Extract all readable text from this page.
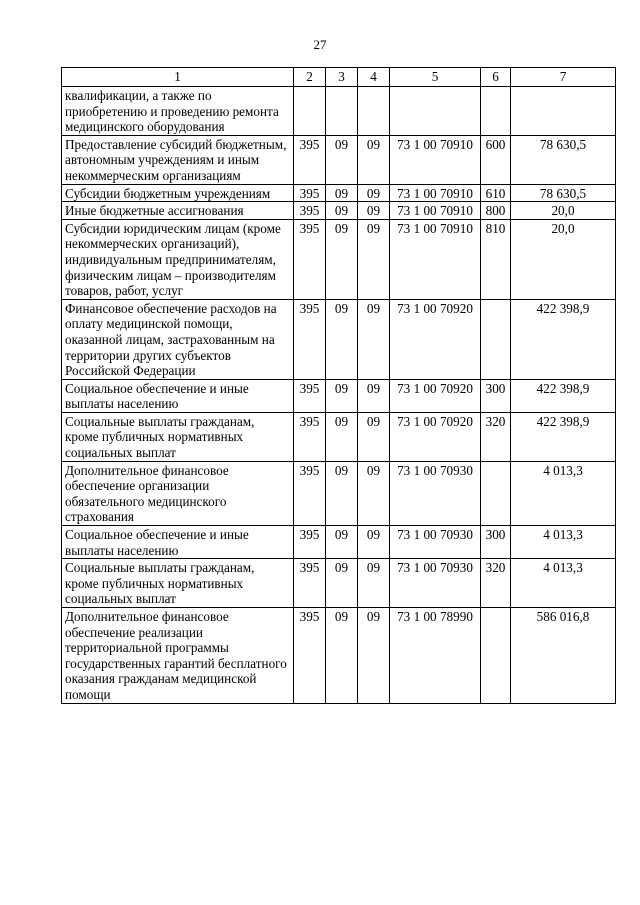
27
1	2	3	4	5	6	7
квалификации, а также по приобретению и проведению ремонта медицинского оборудования						
Предоставление субсидий бюджетным, автономным учреждениям и иным некоммерческим организациям	395	09	09	73 1 00 70910	600	78 630,5
Субсидии бюджетным учреждениям	395	09	09	73 1 00 70910	610	78 630,5
Иные бюджетные ассигнования	395	09	09	73 1 00 70910	800	20,0
Субсидии юридическим лицам (кроме некоммерческих организаций), индивидуальным предпринимателям, физическим лицам – производителям товаров, работ, услуг	395	09	09	73 1 00 70910	810	20,0
Финансовое обеспечение расходов на оплату медицинской помощи, оказанной лицам, застрахованным на территории других субъектов Российской Федерации	395	09	09	73 1 00 70920		422 398,9
Социальное обеспечение и иные выплаты населению	395	09	09	73 1 00 70920	300	422 398,9
Социальные выплаты гражданам, кроме публичных нормативных социальных выплат	395	09	09	73 1 00 70920	320	422 398,9
Дополнительное финансовое обеспечение организации обязательного медицинского страхования	395	09	09	73 1 00 70930		4 013,3
Социальное обеспечение и иные выплаты населению	395	09	09	73 1 00 70930	300	4 013,3
Социальные выплаты гражданам, кроме публичных нормативных социальных выплат	395	09	09	73 1 00 70930	320	4 013,3
Дополнительное финансовое обеспечение реализации территориальной программы государственных гарантий бесплатного оказания гражданам медицинской помощи	395	09	09	73 1 00 78990		586 016,8
